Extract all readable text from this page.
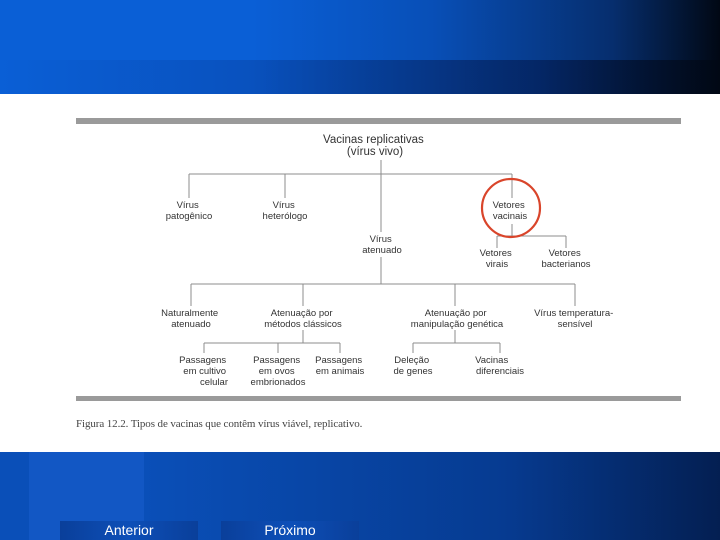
Vacinas replicativas (vírus vivo)
Vírus patogênico
Vírus heterólogo
Vírus atenuado
Vetores vacinais
Vetores virais
Vetores bacterianos
Naturalmente atenuado
Atenuação por métodos clássicos
Atenuação por manipulação genética
Vírus temperatura- sensível
Passagens em cultivo celular
Passagens em ovos embrionados
Passagens em animais
Deleção de genes
Vacinas diferenciais
Figura 12.2. Tipos de vacinas que contêm vírus viável, replicativo.
Anterior	Próximo
